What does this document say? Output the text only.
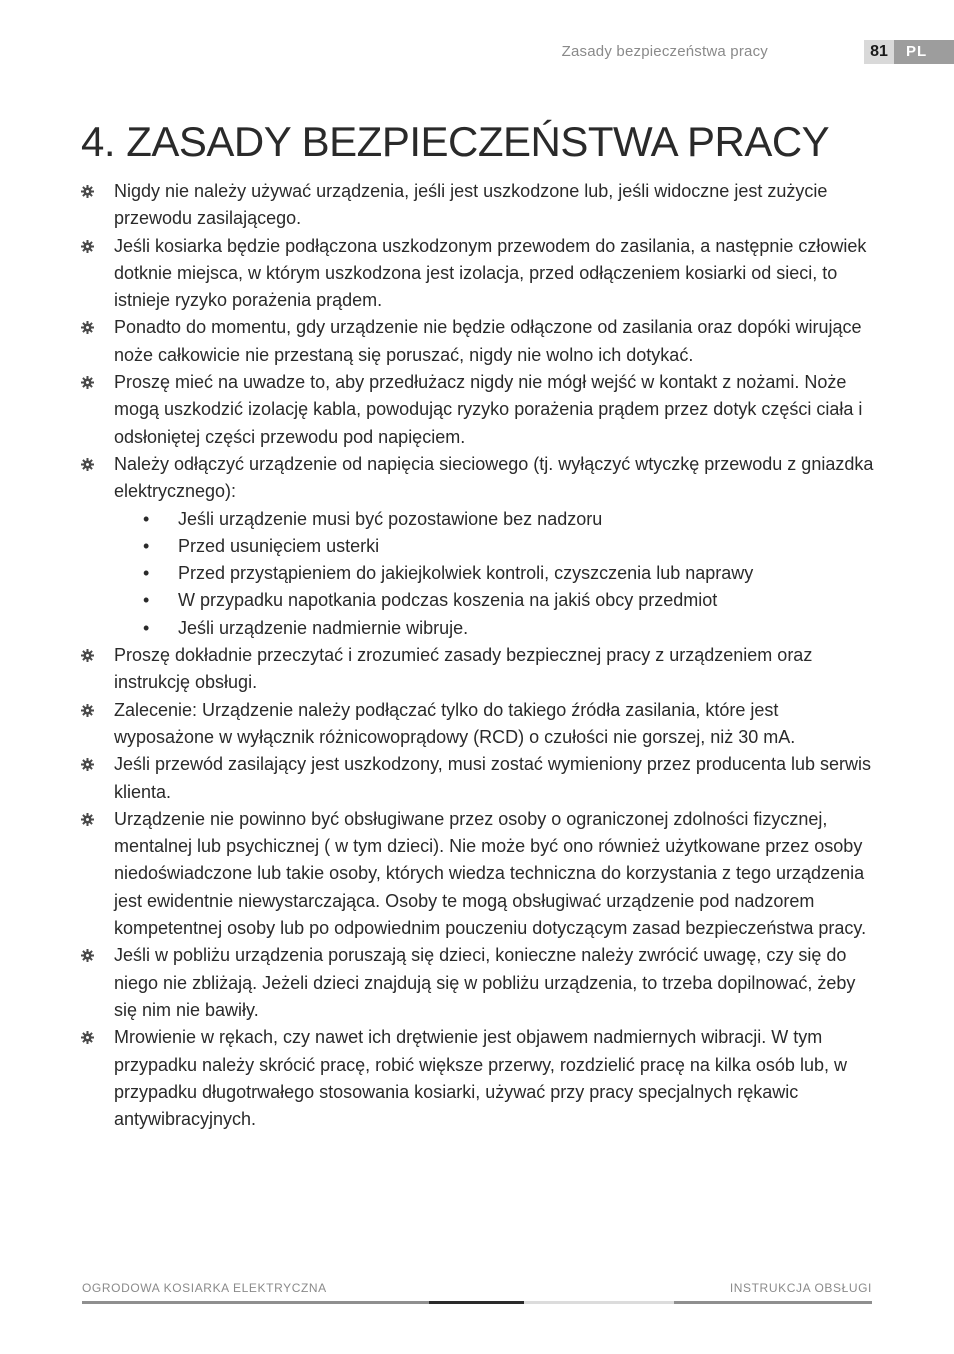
Zasady bezpieczeństwa pracy	81	PL
4. ZASADY BEZPIECZEŃSTWA PRACY
Nigdy nie należy używać urządzenia, jeśli jest uszkodzone lub, jeśli widoczne jest zużycie przewodu zasilającego.
Jeśli kosiarka będzie podłączona uszkodzonym przewodem do zasilania, a następnie człowiek dotknie miejsca, w którym uszkodzona jest izolacja, przed odłączeniem kosiarki od sieci, to istnieje ryzyko porażenia prądem.
Ponadto do momentu, gdy urządzenie nie będzie odłączone od zasilania oraz dopóki wirujące noże całkowicie nie przestaną się poruszać, nigdy nie wolno ich dotykać.
Proszę mieć na uwadze to, aby przedłużacz nigdy nie mógł wejść w kontakt z nożami. Noże mogą uszkodzić izolację kabla, powodując ryzyko porażenia prądem przez dotyk części ciała i odsłoniętej części przewodu pod napięciem.
Należy odłączyć urządzenie od napięcia sieciowego (tj. wyłączyć wtyczkę przewodu z gniazdka elektrycznego):
• Jeśli urządzenie musi być pozostawione bez nadzoru
• Przed usunięciem usterki
• Przed przystąpieniem do jakiejkolwiek kontroli, czyszczenia lub naprawy
• W przypadku napotkania podczas koszenia na jakiś obcy przedmiot
• Jeśli urządzenie nadmiernie wibruje.
Proszę dokładnie przeczytać i zrozumieć zasady bezpiecznej pracy z urządzeniem oraz instrukcję obsługi.
Zalecenie: Urządzenie należy podłączać tylko do takiego źródła zasilania, które jest wyposażone w wyłącznik różnicowoprądowy (RCD) o czułości nie gorszej, niż 30 mA.
Jeśli przewód zasilający jest uszkodzony, musi zostać wymieniony przez producenta lub serwis klienta.
Urządzenie nie powinno być obsługiwane przez osoby o ograniczonej zdolności fizycznej, mentalnej lub psychicznej ( w tym dzieci). Nie może być ono również użytkowane przez osoby niedoświadczone lub takie osoby, których wiedza techniczna do korzystania z tego urządzenia jest ewidentnie niewystarczająca. Osoby te mogą obsługiwać urządzenie pod nadzorem kompetentnej osoby lub po odpowiednim pouczeniu dotyczącym zasad bezpieczeństwa pracy.
Jeśli w pobliżu urządzenia poruszają się dzieci, konieczne należy zwrócić uwagę, czy się do niego nie zbliżają. Jeżeli dzieci znajdują się w pobliżu urządzenia, to trzeba dopilnować, żeby się nim nie bawiły.
Mrowienie w rękach, czy nawet ich drętwienie jest objawem nadmiernych wibracji. W tym przypadku należy skrócić pracę, robić większe przerwy, rozdzielić pracę na kilka osób lub, w przypadku długotrwałego stosowania kosiarki, używać przy pracy specjalnych rękawic antywibracyjnych.
OGRODOWA KOSIARKA ELEKTRYCZNA	INSTRUKCJA OBSŁUGI
